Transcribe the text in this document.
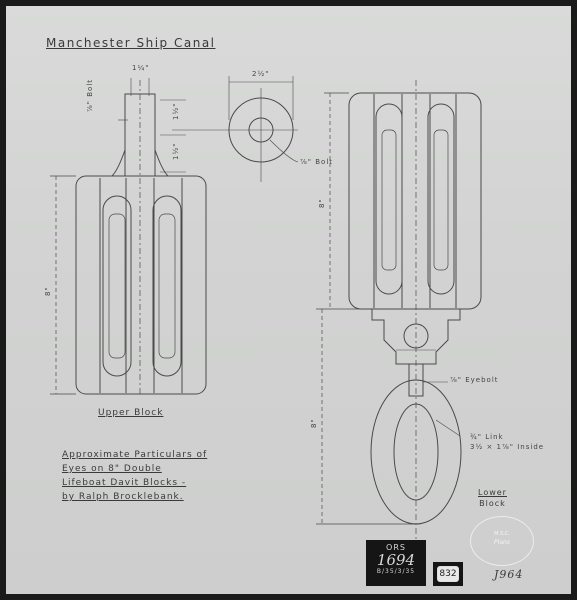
Manchester Ship Canal
1¼"
⅞" Bolt	1½"
1½"
2½"
⅞" Bolt
8"
8"
8"
⅞" Eyebolt
¾" Link
3½ × 1⅞" Inside
Upper Block
Lower
Block
Approximate Particulars of
Eyes on 8" Double
Lifeboat Davit Blocks -
by Ralph Brocklebank.
M.S.C.
Plans
ORS
1694
B/35/3/35	832	J964
